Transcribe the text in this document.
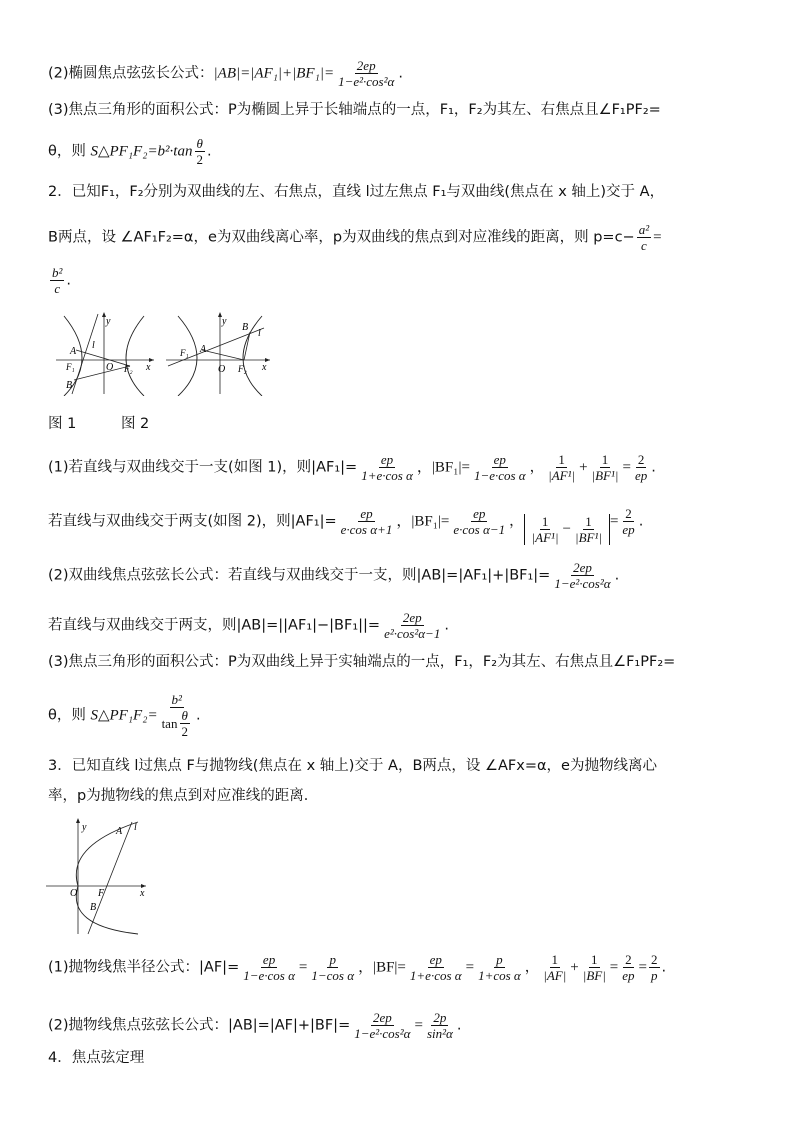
(2)椭圆焦点弦弦长公式：$|AB|=|AF_1|+|BF_1|= \frac{2ep}{\text{1−e²·cos²α}}$ .
(3)焦点三角形的面积公式：P为椭圆上异于长轴端点的一点，F₁，F₂为其左、右焦点且∠F₁PF₂=
θ，则 S△PF₁F₂=b²·tan $\frac{\theta}{2}$ .
2．已知F₁，F₂分别为双曲线的左、右焦点，直线 l过左焦点 F₁与双曲线(焦点在 x 轴上)交于 A，
B两点，设 ∠AF₁F₂=α，e为双曲线离心率，p为双曲线的焦点到对应准线的距离，则 $p=c- \frac{\text{a²}}{c}$ =
$\frac{\text{b²}}{c}$ .
y
x
l
A
B
F₁	O F₂
y
x
l
B
A
F₁
O F₂
图 1	图 2
(1)若直线与双曲线交于一支(如图 1)，则$|AF_1|= \frac{ep}{\text{1+e·cos α}}$ ，$|BF_1|= \frac{ep}{\text{1−e·cos α}}$ ， $\frac{1}{\text{|AF¹|}} + \frac{1}{\text{|BF¹|}} = \frac{2}{ep}$ .
若直线与双曲线交于两支(如图 2)，则$|AF_1|= \frac{ep}{\text{e·cos α+1}}$ ，$|BF_1|= \frac{ep}{\text{e·cos α−1}}$ ， $\frac{1}{\text{|AF¹|}} - \frac{1}{\text{|BF¹|}} = \frac{2}{ep}$ .
(2)双曲线焦点弦弦长公式：若直线与双曲线交于一支，则$|AB|=|AF_1|+|BF_1|= \frac{2ep}{\text{1−e²·cos²α}}$ .
若直线与双曲线交于两支，则$|AB|=||AF_1|-|BF_1||= \frac{2ep}{\text{e²·cos²α−1}}$ .
(3)焦点三角形的面积公式：P为双曲线上异于实轴端点的一点，F₁，F₂为其左、右焦点且∠F₁PF₂=
θ，则 S△PF₁F₂= $\frac{\text{b²}}{\tan \frac{\theta}{2}}$ .
3．已知直线 l过焦点 F与抛物线(焦点在 x 轴上)交于 A，B两点，设 ∠AFx=α，e为抛物线离心
率，p为抛物线的焦点到对应准线的距离．
y
x
l
A
O F
B
(1)抛物线焦半径公式：$|AF|= \frac{ep}{\text{1−e·cos α}} = \frac{p}{\text{1−cos α}}$ ，$|BF|= \frac{ep}{\text{1+e·cos α}} = \frac{p}{\text{1+cos α}}$ ， $\frac{1}{|AF|} + \frac{1}{|BF|} = \frac{2}{ep} = \frac{2}{p}$ .
(2)抛物线焦点弦弦长公式：$|AB|=|AF|+|BF|= \frac{2ep}{\text{1−e²·cos²α}} = \frac{2p}{\text{sin²α}}$ .
4．焦点弦定理
